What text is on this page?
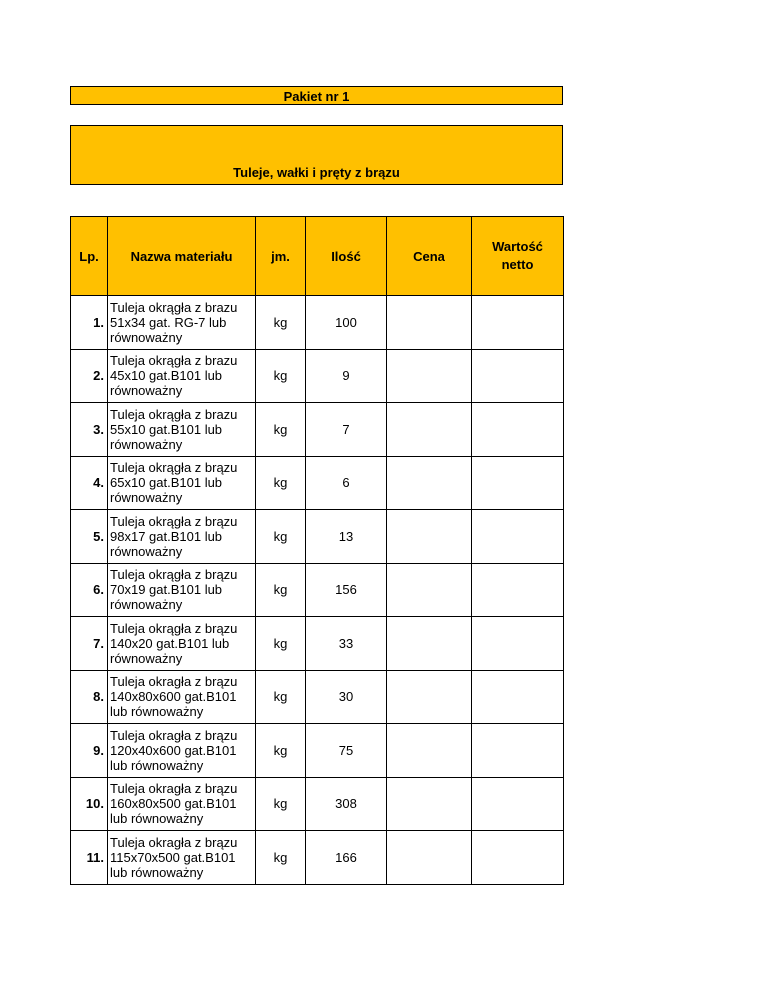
Pakiet nr 1
Tuleje, wałki i pręty z brązu
Lp.	Nazwa materiału	jm.	Ilość	Cena	Wartość netto

1.	Tuleja okrągła z brazu 51x34 gat. RG-7 lub równoważny	kg	100		
2.	Tuleja okrągła z brazu 45x10 gat.B101 lub równoważny	kg	9		
3.	Tuleja okrągła z brazu 55x10 gat.B101 lub równoważny	kg	7		
4.	Tuleja okrągła z brązu 65x10 gat.B101 lub równoważny	kg	6		
5.	Tuleja okrągła z brązu 98x17 gat.B101 lub równoważny	kg	13		
6.	Tuleja okrągła z brązu 70x19 gat.B101 lub równoważny	kg	156		
7.	Tuleja okrągła z brązu 140x20 gat.B101 lub równoważny	kg	33		
8.	Tuleja okragła z brązu 140x80x600 gat.B101 lub równoważny	kg	30		
9.	Tuleja okragła z brązu 120x40x600 gat.B101 lub równoważny	kg	75		
10.	Tuleja okragła z brązu 160x80x500 gat.B101 lub równoważny	kg	308		
11.	Tuleja okragła z brązu 115x70x500 gat.B101 lub równoważny	kg	166		
